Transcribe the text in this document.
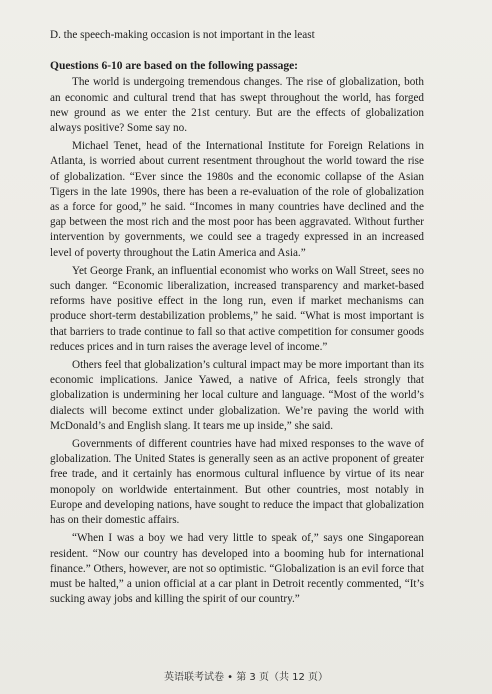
D. the speech-making occasion is not important in the least
Questions 6-10 are based on the following passage:

The world is undergoing tremendous changes. The rise of globalization, both an economic and cultural trend that has swept throughout the world, has forged new ground as we enter the 21st century. But are the effects of globalization always positive? Some say no.

Michael Tenet, head of the International Institute for Foreign Relations in Atlanta, is worried about current resentment throughout the world toward the rise of globalization. “Ever since the 1980s and the economic collapse of the Asian Tigers in the late 1990s, there has been a re-evaluation of the role of globalization as a force for good,” he said. “Incomes in many countries have declined and the gap between the most rich and the most poor has been aggravated. Without further intervention by governments, we could see a tragedy expressed in an increased level of poverty throughout the Latin America and Asia.”

Yet George Frank, an influential economist who works on Wall Street, sees no such danger. “Economic liberalization, increased transparency and market-based reforms have positive effect in the long run, even if market mechanisms can produce short-term destabilization problems,” he said. “What is most important is that barriers to trade continue to fall so that active competition for consumer goods reduces prices and in turn raises the average level of income.”

Others feel that globalization’s cultural impact may be more important than its economic implications. Janice Yawed, a native of Africa, feels strongly that globalization is undermining her local culture and language. “Most of the world’s dialects will become extinct under globalization. We’re paving the world with McDonald’s and English slang. It tears me up inside,” she said.

Governments of different countries have had mixed responses to the wave of globalization. The United States is generally seen as an active proponent of greater free trade, and it certainly has enormous cultural influence by virtue of its near monopoly on worldwide entertainment. But other countries, most notably in Europe and developing nations, have sought to reduce the impact that globalization has on their domestic affairs.

“When I was a boy we had very little to speak of,” says one Singaporean resident. “Now our country has developed into a booming hub for international finance.” Others, however, are not so optimistic. “Globalization is an evil force that must be halted,” a union official at a car plant in Detroit recently commented, “It’s sucking away jobs and killing the spirit of our country.”

英语联考试卷 • 第 3 页（共 12 页）
